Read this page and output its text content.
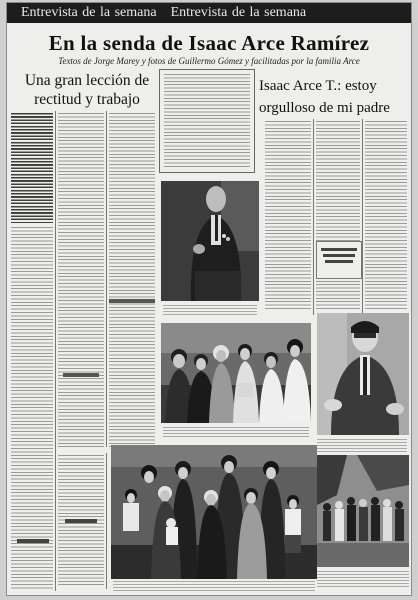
Entrevista de la semana Entrevista de la semana
En la senda de Isaac Arce Ramírez
Textos de Jorge Marey y fotos de Guillermo Gómez y facilitadas por la familia Arce
Una gran lección de rectitud y trabajo
Isaac Arce T.: estoy orgulloso de mi padre
